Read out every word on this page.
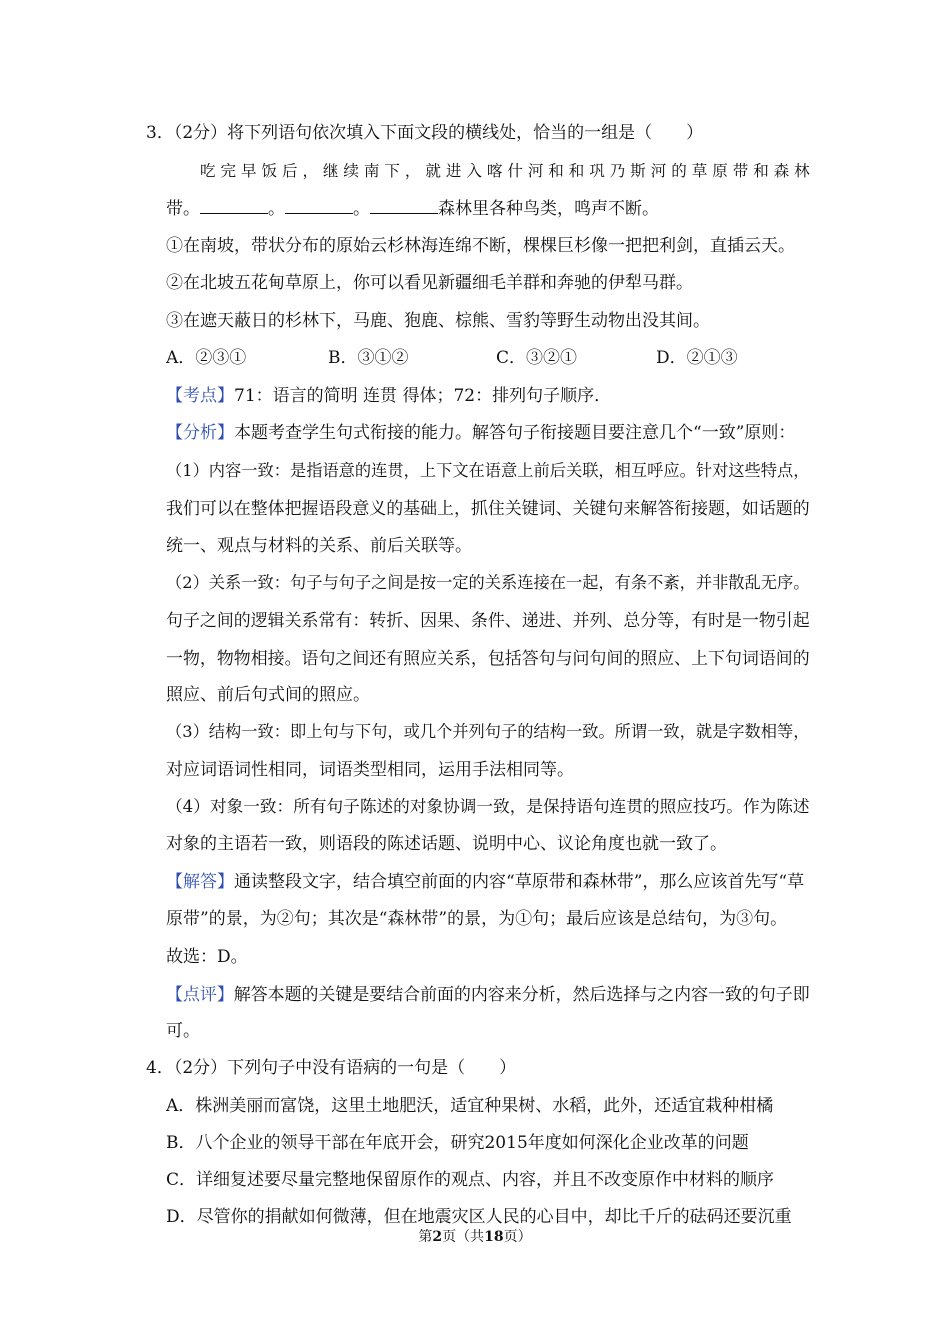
3．（2分）将下列语句依次填入下面文段的横线处，恰当的一组是（　　）
吃 完 早 饭 后 ， 继 续 南 下 ， 就 进 入 喀 什 河 和 和 巩 乃 斯 河 的 草 原 带 和 森 林
带。	。	。	森林里各种鸟类，鸣声不断。
①在南坡，带状分布的原始云杉林海连绵不断，棵棵巨杉像一把把利剑，直插云天。
②在北坡五花甸草原上，你可以看见新疆细毛羊群和奔驰的伊犁马群。
③在遮天蔽日的杉林下，马鹿、狍鹿、棕熊、雪豹等野生动物出没其间。
A．②③①	B．③①②	C．③②①	D．②①③
【考点】71：语言的简明 连贯 得体；72：排列句子顺序．
【分析】本题考查学生句式衔接的能力。解答句子衔接题目要注意几个“一致”原则：
（1）内容一致：是指语意的连贯，上下文在语意上前后关联，相互呼应。针对这些特点，
我们可以在整体把握语段意义的基础上，抓住关键词、关键句来解答衔接题，如话题的
统一、观点与材料的关系、前后关联等。
（2）关系一致：句子与句子之间是按一定的关系连接在一起，有条不紊，并非散乱无序。
句子之间的逻辑关系常有：转折、因果、条件、递进、并列、总分等，有时是一物引起
一物，物物相接。语句之间还有照应关系，包括答句与问句间的照应、上下句词语间的
照应、前后句式间的照应。
（3）结构一致：即上句与下句，或几个并列句子的结构一致。所谓一致，就是字数相等，
对应词语词性相同，词语类型相同，运用手法相同等。
（4）对象一致：所有句子陈述的对象协调一致，是保持语句连贯的照应技巧。作为陈述
对象的主语若一致，则语段的陈述话题、说明中心、议论角度也就一致了。
【解答】通读整段文字，结合填空前面的内容“草原带和森林带”，那么应该首先写“草
原带”的景，为②句；其次是“森林带”的景，为①句；最后应该是总结句，为③句。
故选：D。
【点评】解答本题的关键是要结合前面的内容来分析，然后选择与之内容一致的句子即
可。
4．（2分）下列句子中没有语病的一句是（　　）
A．株洲美丽而富饶，这里土地肥沃，适宜种果树、水稻，此外，还适宜栽种柑橘
B．八个企业的领导干部在年底开会，研究2015年度如何深化企业改革的问题
C．详细复述要尽量完整地保留原作的观点、内容，并且不改变原作中材料的顺序
D．尽管你的捐献如何微薄，但在地震灾区人民的心目中，却比千斤的砝码还要沉重
第2页（共18页）
